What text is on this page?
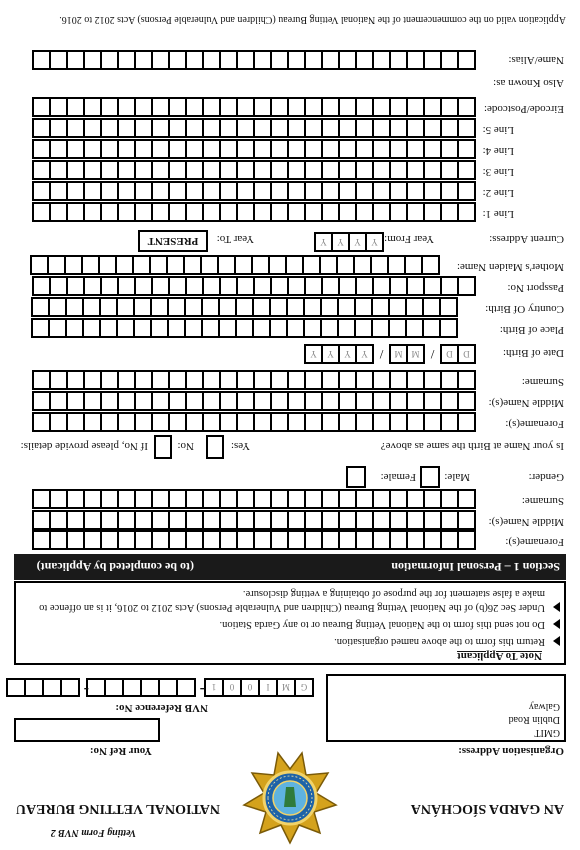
Vetting Form NVB 2
AN GARDA SÍOCHÁNA
NATIONAL VETTING BUREAU
Your Ref No:	Organisation Address:
GMIT
Dublin Road
Galway
NVB Reference No:
G
M
I
0
0
1
-
-
Note To Applicant
Return this form to the above named organisation.
Do not send this form to the National Vetting Bureau or to any Garda Station.
Under Sec 26(b) of the National Vetting Bureau (Children and Vulnerable Persons) Acts 2012 to 2016, it is an offence to
make a false statement for the purpose of obtaining a vetting disclosure.
Section 1 – Personal Information
(to be completed by Applicant)
Forename(s):
Middle Name(s):
Surname:
Gender:
Male:
Female:
Is your Name at Birth the same as above?
Yes:
No:
If No, please provide details:
Forename(s):
Middle Name(s):
Surname:
Date of Birth:
D
D
/
M
M
/
Y
Y
Y
Y
Place of Birth:
Country Of Birth:
Passport No:
Mother's Maiden Name:
Current Address:
Year From:
Y
Y
Y
Y
Year To:
PRESENT
Line 1:
Line 2:
Line 3:
Line 4:
Line 5:
Eircode/Postcode:
Also Known as:
Name/Alias:
Application valid on the commencement of the National Vetting Bureau (Children and Vulnerable Persons) Acts 2012 to 2016.
